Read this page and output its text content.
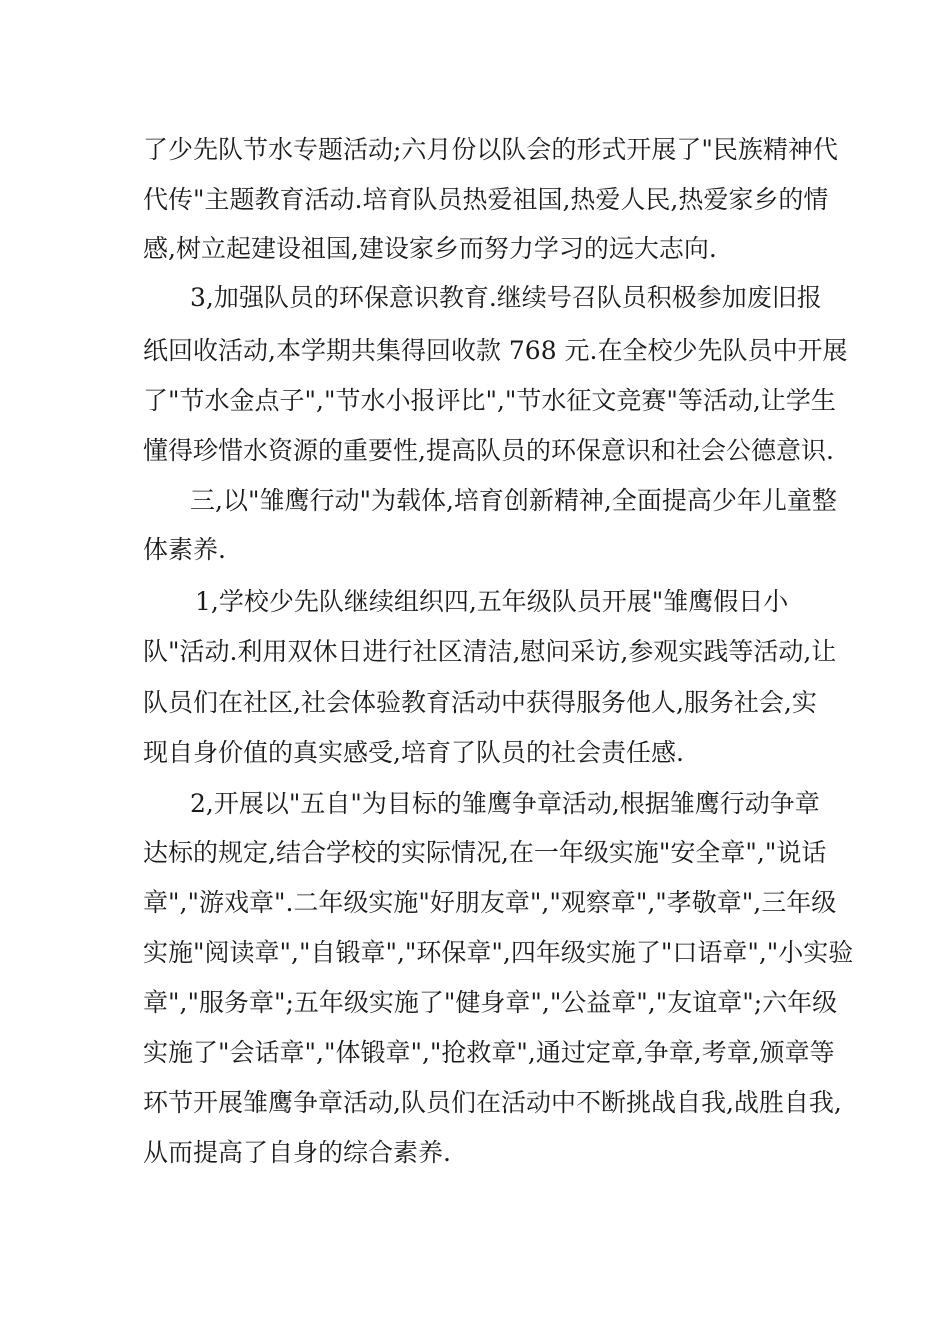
了少先队节水专题活动;六月份以队会的形式开展了"民族精神代
代传"主题教育活动.培育队员热爱祖国,热爱人民,热爱家乡的情
感,树立起建设祖国,建设家乡而努力学习的远大志向.
3,加强队员的环保意识教育.继续号召队员积极参加废旧报
纸回收活动,本学期共集得回收款 768 元.在全校少先队员中开展
了"节水金点子","节水小报评比","节水征文竞赛"等活动,让学生
懂得珍惜水资源的重要性,提高队员的环保意识和社会公德意识.
三,以"雏鹰行动"为载体,培育创新精神,全面提高少年儿童整
体素养.
1,学校少先队继续组织四,五年级队员开展"雏鹰假日小
队"活动.利用双休日进行社区清洁,慰问采访,参观实践等活动,让
队员们在社区,社会体验教育活动中获得服务他人,服务社会,实
现自身价值的真实感受,培育了队员的社会责任感.
2,开展以"五自"为目标的雏鹰争章活动,根据雏鹰行动争章
达标的规定,结合学校的实际情况,在一年级实施"安全章","说话
章","游戏章".二年级实施"好朋友章","观察章","孝敬章",三年级
实施"阅读章","自锻章","环保章",四年级实施了"口语章","小实验
章","服务章";五年级实施了"健身章","公益章","友谊章";六年级
实施了"会话章","体锻章","抢救章",通过定章,争章,考章,颁章等
环节开展雏鹰争章活动,队员们在活动中不断挑战自我,战胜自我,
从而提高了自身的综合素养.
